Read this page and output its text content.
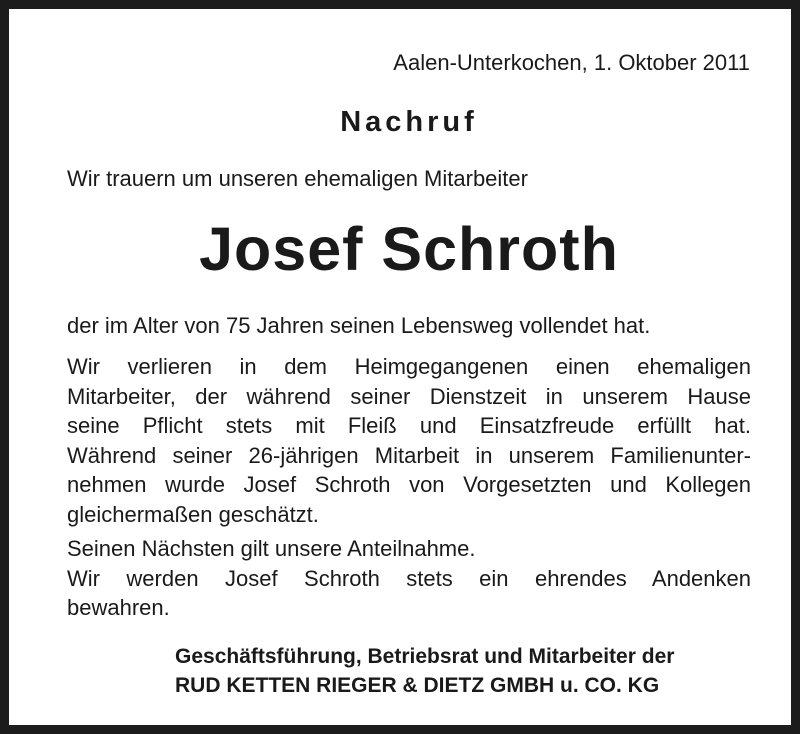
Aalen-Unterkochen, 1. Oktober 2011

Nachruf

Wir trauern um unseren ehemaligen Mitarbeiter

Josef Schroth

der im Alter von 75 Jahren seinen Lebensweg vollendet hat.

Wir verlieren in dem Heimgegangenen einen ehemaligen
Mitarbeiter, der während seiner Dienstzeit in unserem Hause
seine Pflicht stets mit Fleiß und Einsatzfreude erfüllt hat.
Während seiner 26-jährigen Mitarbeit in unserem Familienunter-
nehmen wurde Josef Schroth von Vorgesetzten und Kollegen
gleichermaßen geschätzt.
Seinen Nächsten gilt unsere Anteilnahme.
Wir werden Josef Schroth stets ein ehrendes Andenken
bewahren.
Geschäftsführung, Betriebsrat und Mitarbeiter der
RUD KETTEN RIEGER & DIETZ GMBH u. CO. KG
